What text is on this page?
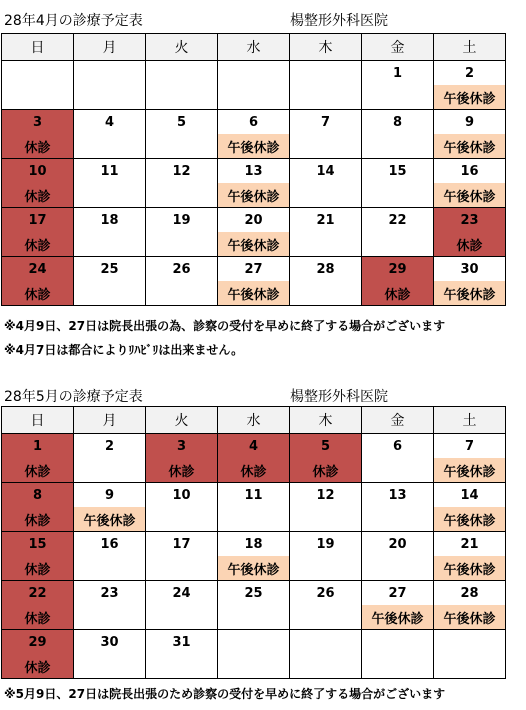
28年4月の診療予定表	楊整形外科医院
日	月	火	水	木	金	土
					1	2
						午後休診
3	4	5	6	7	8	9
休診			午後休診			午後休診
10	11	12	13	14	15	16
休診			午後休診			午後休診
17	18	19	20	21	22	23
休診			午後休診			休診
24	25	26	27	28	29	30
休診			午後休診		休診	午後休診
※4月9日、27日は院長出張の為、診察の受付を早めに終了する場合がございます
※4月7日は都合によりﾘﾊﾋﾞﾘは出来ません。
28年5月の診療予定表	楊整形外科医院
日	月	火	水	木	金	土
1	2	3	4	5	6	7
休診		休診	休診	休診		午後休診
8	9	10	11	12	13	14
休診	午後休診					午後休診
15	16	17	18	19	20	21
休診			午後休診			午後休診
22	23	24	25	26	27	28
休診					午後休診	午後休診
29	30	31				
休診						
※5月9日、27日は院長出張のため診察の受付を早めに終了する場合がございます
